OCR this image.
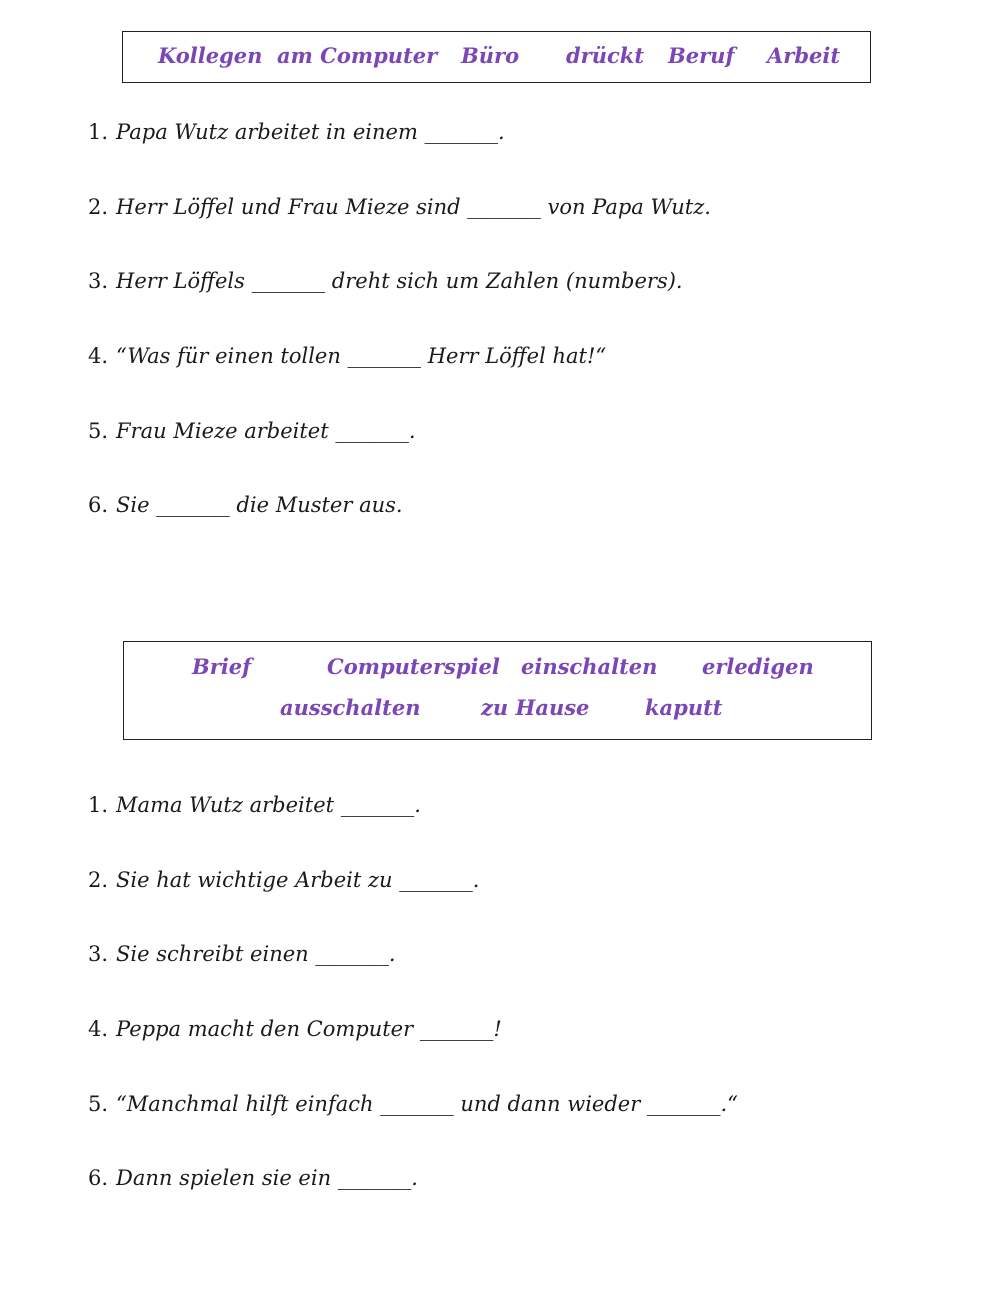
Kollegen am Computer Büro drückt Beruf Arbeit
1. Papa Wutz arbeitet in einem _______.
2. Herr Löffel und Frau Mieze sind _______ von Papa Wutz.
3. Herr Löffels _______ dreht sich um Zahlen (numbers).
4. “Was für einen tollen _______ Herr Löffel hat!“
5. Frau Mieze arbeitet _______.
6. Sie _______ die Muster aus.
Brief	Computerspiel einschalten erledigen
ausschalten	zu Hause	kaputt
1. Mama Wutz arbeitet _______.
2. Sie hat wichtige Arbeit zu _______.
3. Sie schreibt einen _______.
4. Peppa macht den Computer _______!
5. “Manchmal hilft einfach _______ und dann wieder _______.“
6. Dann spielen sie ein _______.
